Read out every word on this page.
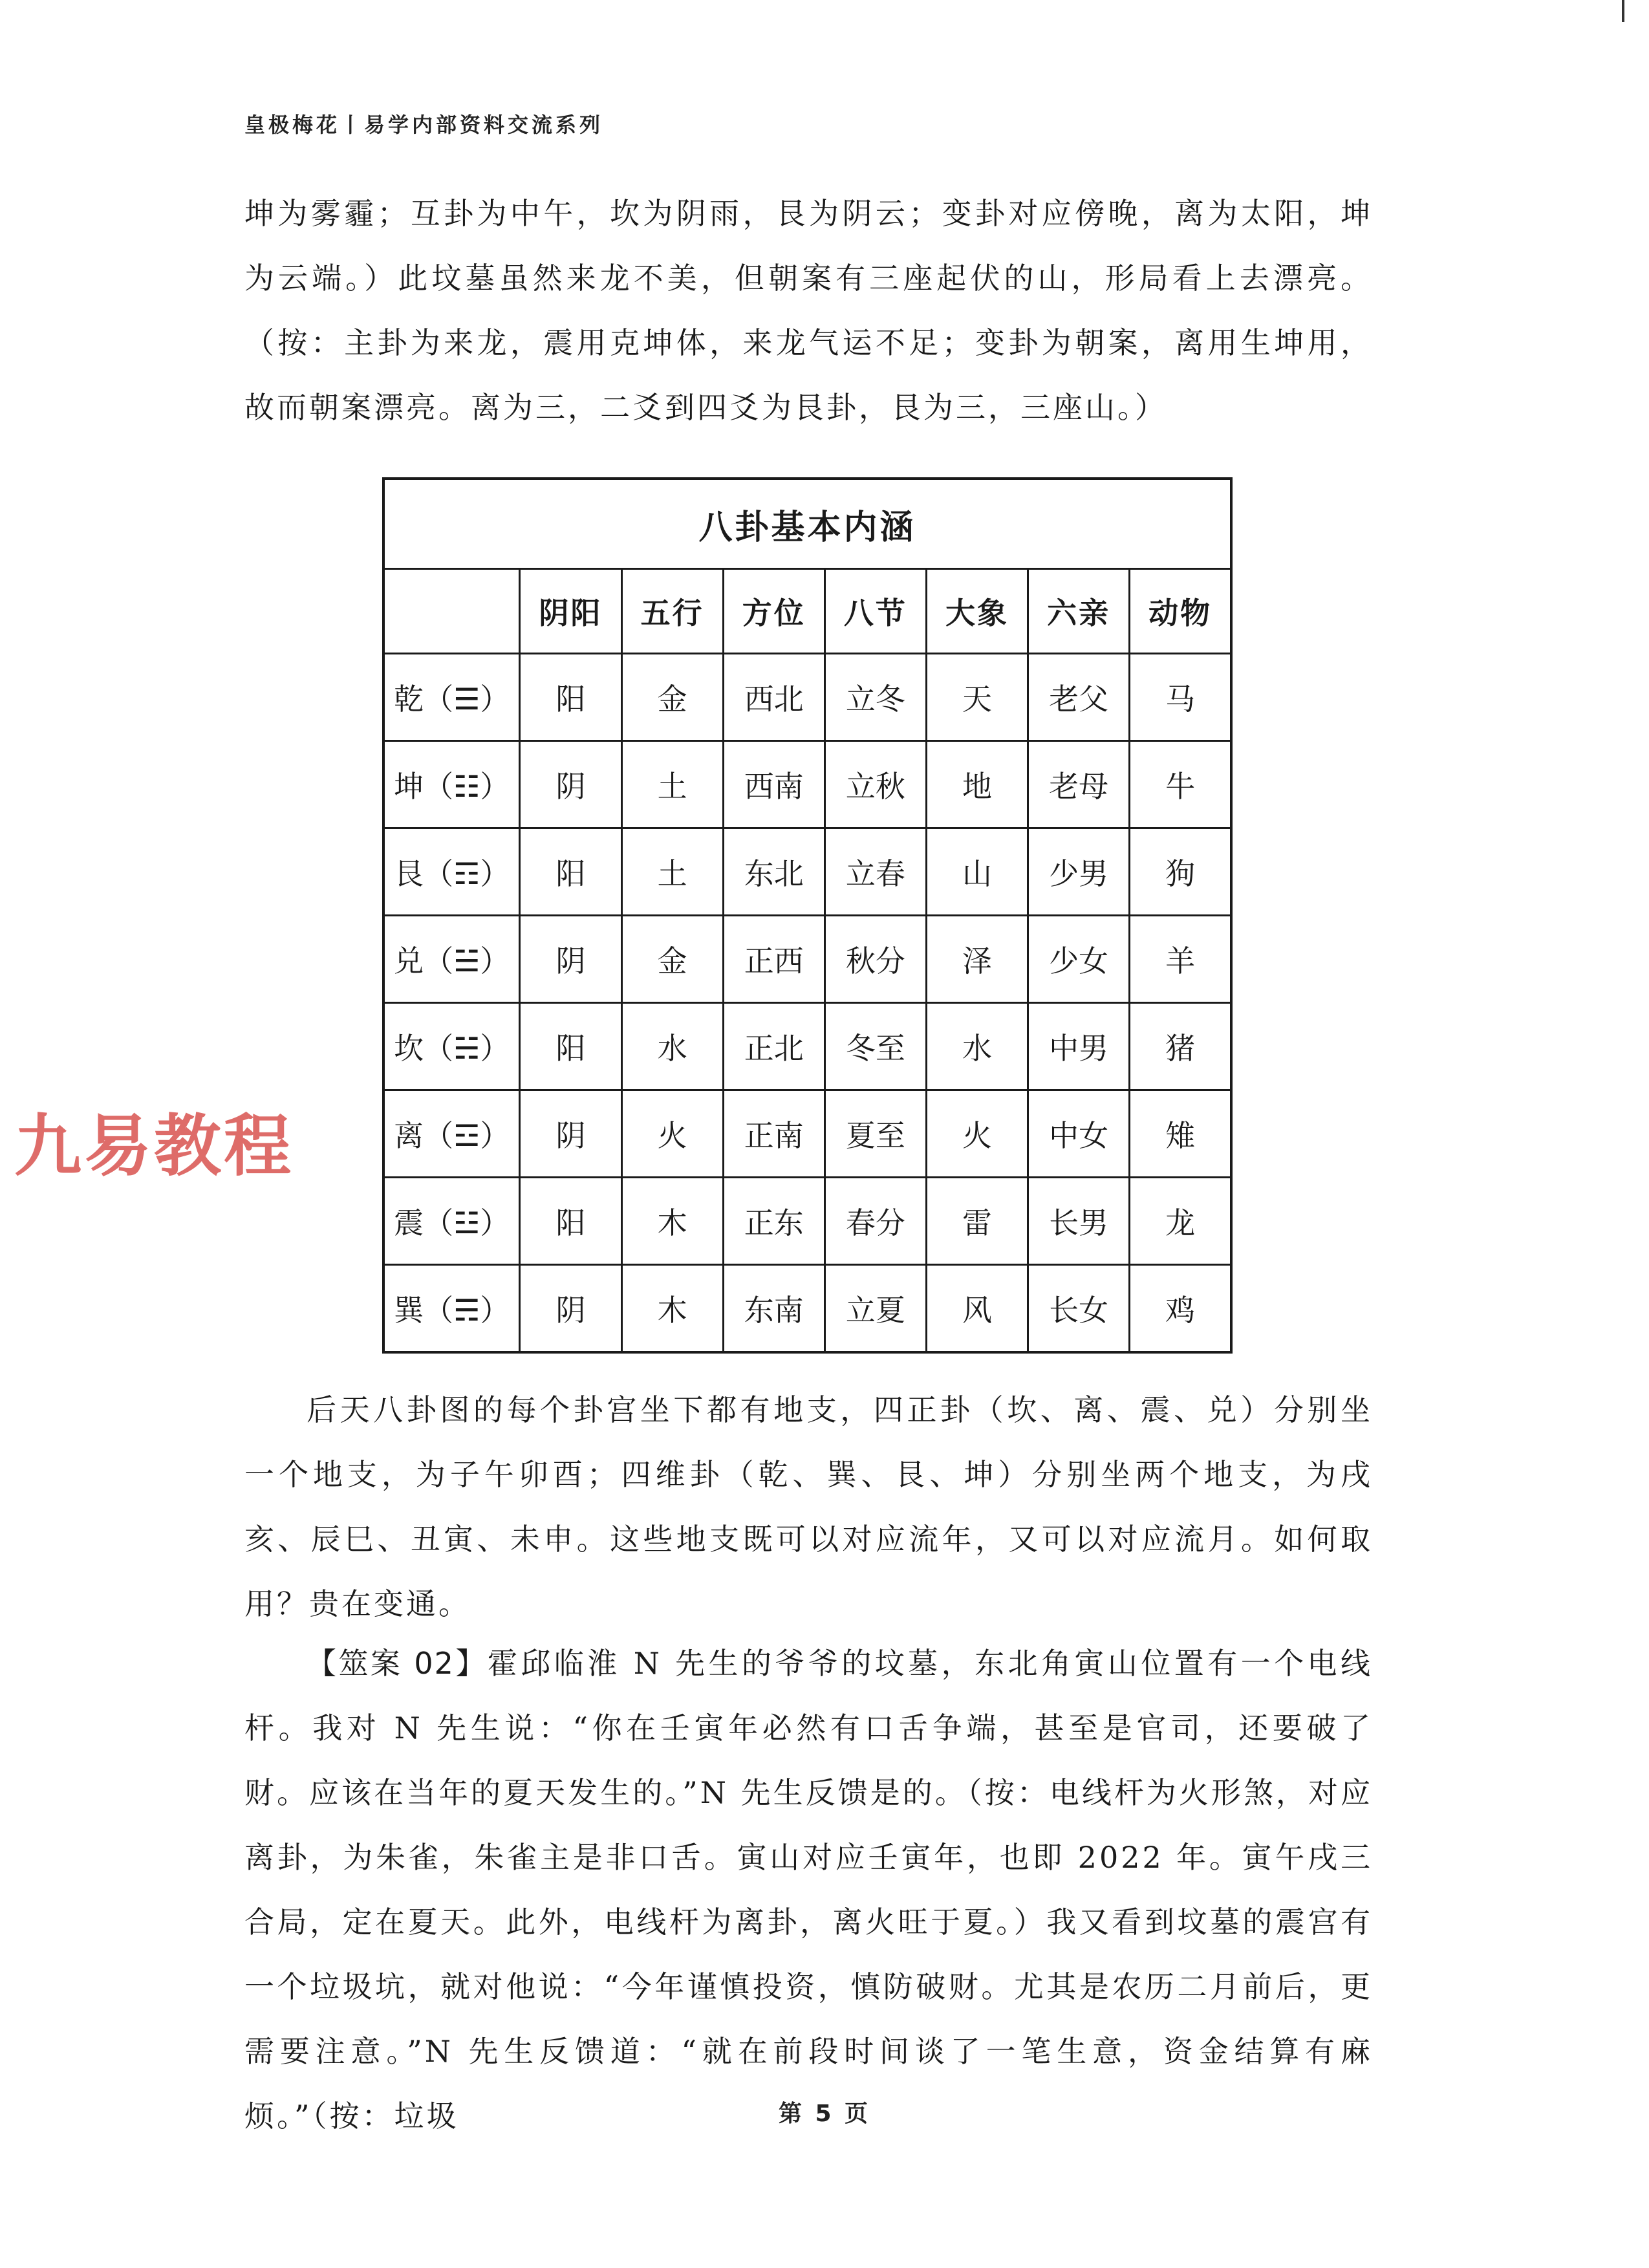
皇极梅花丨易学内部资料交流系列

坤为雾霾；互卦为中午，坎为阴雨，艮为阴云；变卦对应傍晚，离为太阳，坤为云端。）此坟墓虽然来龙不美，但朝案有三座起伏的山，形局看上去漂亮。（按：主卦为来龙，震用克坤体，来龙气运不足；变卦为朝案，离用生坤用，故而朝案漂亮。离为三，二爻到四爻为艮卦，艮为三，三座山。）

八卦基本内涵							
	阴阳	五行	方位	八节	大象	六亲	动物
乾（☰）	阳	金	西北	立冬	天	老父	马
坤（☷）	阴	土	西南	立秋	地	老母	牛
艮（☶）	阳	土	东北	立春	山	少男	狗
兑（☱）	阴	金	正西	秋分	泽	少女	羊
坎（☵）	阳	水	正北	冬至	水	中男	猪
离（☲）	阴	火	正南	夏至	火	中女	雉
震（☳）	阳	木	正东	春分	雷	长男	龙
巽（☴）	阴	木	东南	立夏	风	长女	鸡
九易教程

后天八卦图的每个卦宫坐下都有地支，四正卦（坎、离、震、兑）分别坐一个地支，为子午卯酉；四维卦（乾、巽、艮、坤）分别坐两个地支，为戌亥、辰巳、丑寅、未申。这些地支既可以对应流年，又可以对应流月。如何取用？贵在变通。

【筮案 02】霍邱临淮 N 先生的爷爷的坟墓，东北角寅山位置有一个电线杆。我对 N 先生说：“你在壬寅年必然有口舌争端，甚至是官司，还要破了财。应该在当年的夏天发生的。”N 先生反馈是的。（按：电线杆为火形煞，对应离卦，为朱雀，朱雀主是非口舌。寅山对应壬寅年，也即 2022 年。寅午戌三合局，定在夏天。此外，电线杆为离卦，离火旺于夏。）我又看到坟墓的震宫有一个垃圾坑，就对他说：“今年谨慎投资，慎防破财。尤其是农历二月前后，更需要注意。”N 先生反馈道：“就在前段时间谈了一笔生意，资金结算有麻烦。”（按：垃圾	第 5 页
